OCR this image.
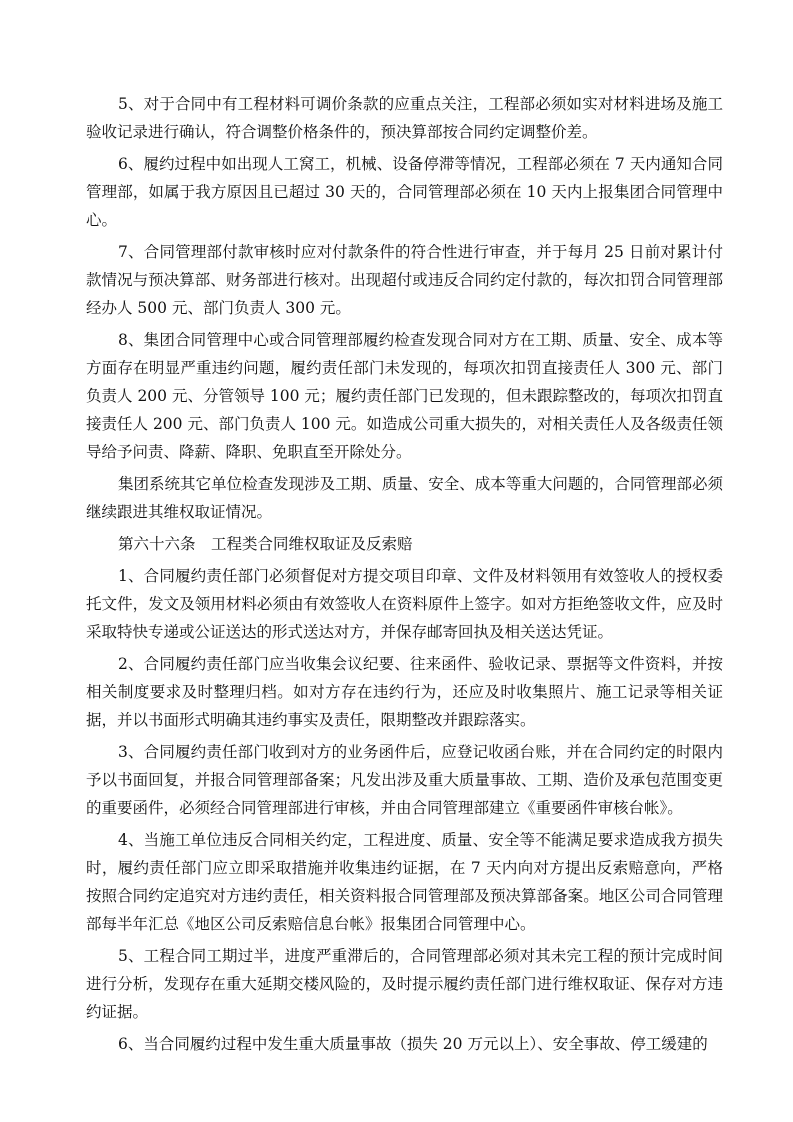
5、对于合同中有工程材料可调价条款的应重点关注，工程部必须如实对材料进场及施工验收记录进行确认，符合调整价格条件的，预决算部按合同约定调整价差。

6、履约过程中如出现人工窝工，机械、设备停滞等情况，工程部必须在 7 天内通知合同管理部，如属于我方原因且已超过 30 天的，合同管理部必须在 10 天内上报集团合同管理中心。

7、合同管理部付款审核时应对付款条件的符合性进行审查，并于每月 25 日前对累计付款情况与预决算部、财务部进行核对。出现超付或违反合同约定付款的，每次扣罚合同管理部经办人 500 元、部门负责人 300 元。

8、集团合同管理中心或合同管理部履约检查发现合同对方在工期、质量、安全、成本等方面存在明显严重违约问题，履约责任部门未发现的，每项次扣罚直接责任人 300 元、部门负责人 200 元、分管领导 100 元；履约责任部门已发现的，但未跟踪整改的，每项次扣罚直接责任人 200 元、部门负责人 100 元。如造成公司重大损失的，对相关责任人及各级责任领导给予问责、降薪、降职、免职直至开除处分。

集团系统其它单位检查发现涉及工期、质量、安全、成本等重大问题的，合同管理部必须继续跟进其维权取证情况。

第六十六条　工程类合同维权取证及反索赔

1、合同履约责任部门必须督促对方提交项目印章、文件及材料领用有效签收人的授权委托文件，发文及领用材料必须由有效签收人在资料原件上签字。如对方拒绝签收文件，应及时采取特快专递或公证送达的形式送达对方，并保存邮寄回执及相关送达凭证。

2、合同履约责任部门应当收集会议纪要、往来函件、验收记录、票据等文件资料，并按相关制度要求及时整理归档。如对方存在违约行为，还应及时收集照片、施工记录等相关证据，并以书面形式明确其违约事实及责任，限期整改并跟踪落实。

3、合同履约责任部门收到对方的业务函件后，应登记收函台账，并在合同约定的时限内予以书面回复，并报合同管理部备案；凡发出涉及重大质量事故、工期、造价及承包范围变更的重要函件，必须经合同管理部进行审核，并由合同管理部建立《重要函件审核台帐》。

4、当施工单位违反合同相关约定，工程进度、质量、安全等不能满足要求造成我方损失时，履约责任部门应立即采取措施并收集违约证据，在 7 天内向对方提出反索赔意向，严格按照合同约定追究对方违约责任，相关资料报合同管理部及预决算部备案。地区公司合同管理部每半年汇总《地区公司反索赔信息台帐》报集团合同管理中心。

5、工程合同工期过半，进度严重滞后的，合同管理部必须对其未完工程的预计完成时间进行分析，发现存在重大延期交楼风险的，及时提示履约责任部门进行维权取证、保存对方违约证据。

6、当合同履约过程中发生重大质量事故（损失 20 万元以上）、安全事故、停工缓建的
